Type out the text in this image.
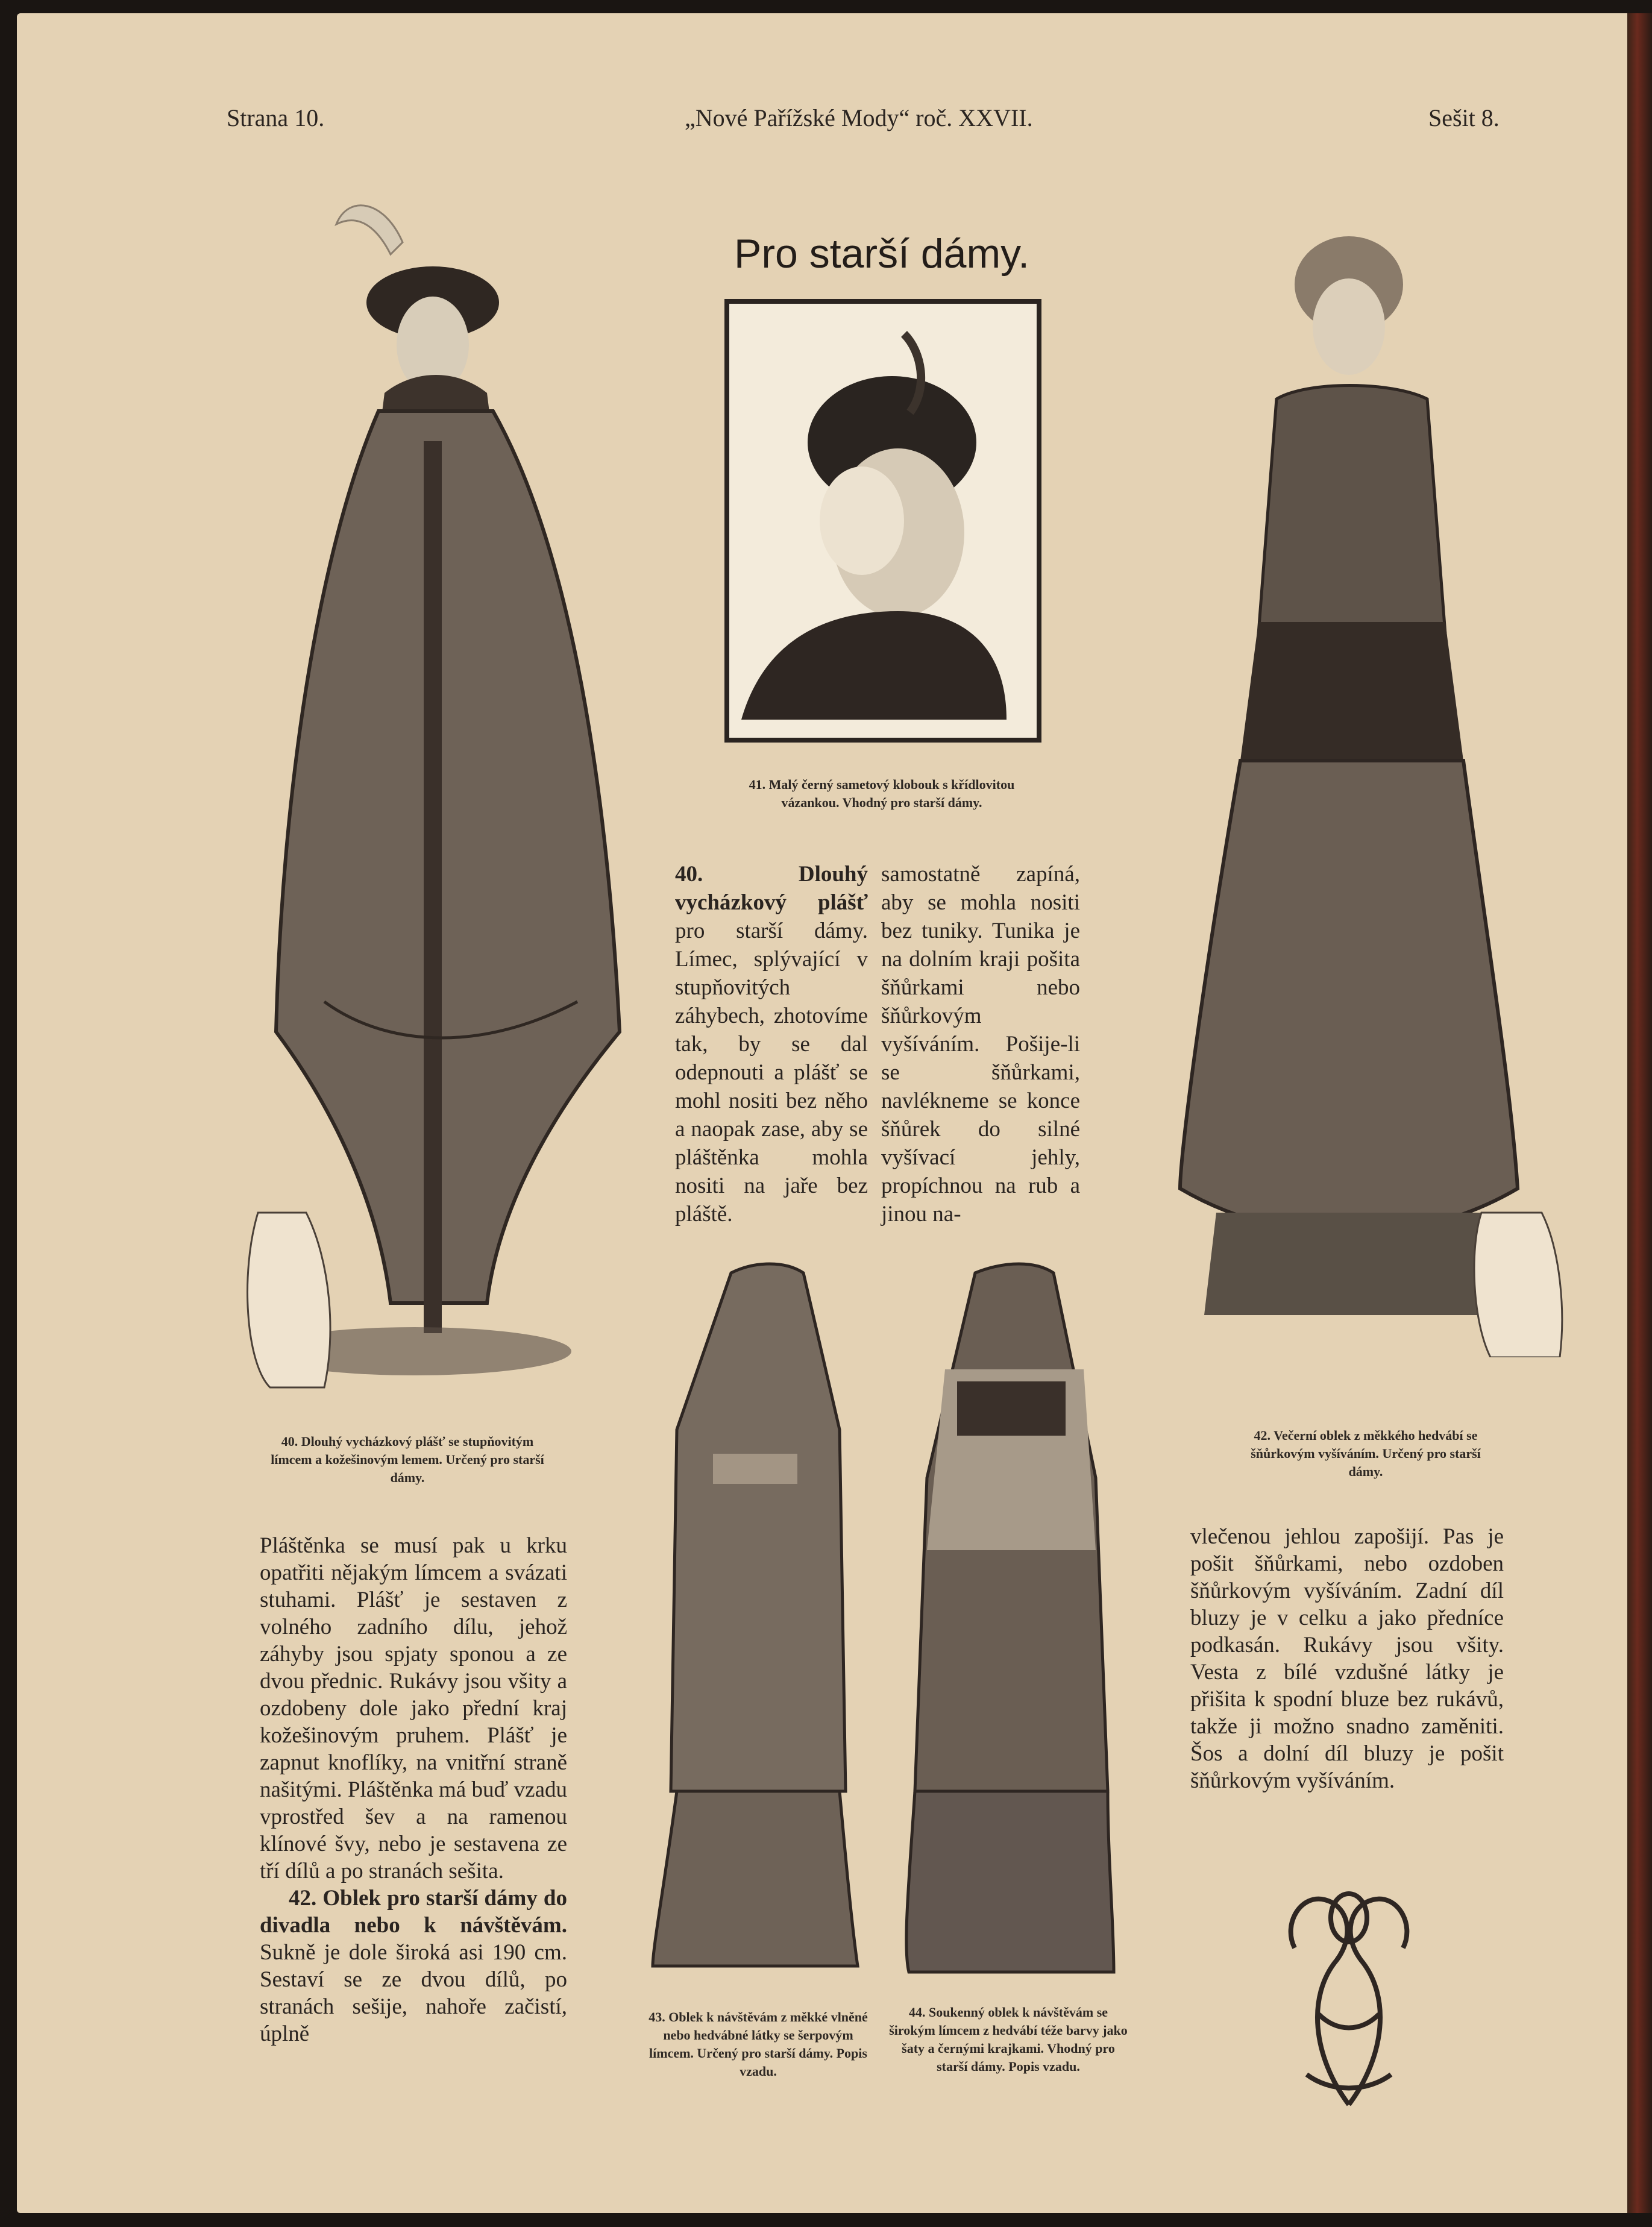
Strana 10.	„Nové Pařížské Mody“ roč. XXVII.	Sešit 8.
Pro starší dámy.
41. Malý černý sametový klobouk s křídlovitou vázankou. Vhodný pro starší dámy.
40. Dlouhý vycházkový plášť se stupňovitým límcem a kožešinovým lemem. Určený pro starší dámy.
42. Večerní oblek z měkkého hedvábí se šňůrkovým vyšíváním. Určený pro starší dámy.

40. Dlouhý vycházkový plášť pro starší dámy. Límec, splývající v stupňovitých záhybech, zhotovíme tak, by se dal odepnouti a plášť se mohl nositi bez něho a naopak zase, aby se pláštěnka mohla nositi na jaře bez pláště.

samostatně zapíná, aby se mohla nositi bez tuniky. Tunika je na dolním kraji pošita šňůrkami nebo šňůrkovým vyšíváním. Pošije-li se šňůrkami, navlékneme se konce šňůrek do silné vyšívací jehly, propíchnou na rub a jinou na-

43. Oblek k návštěvám z měkké vlněné nebo hedvábné látky se šerpovým límcem. Určený pro starší dámy. Popis vzadu.
44. Soukenný oblek k návštěvám se širokým límcem z hedvábí téže barvy jako šaty a černými krajkami. Vhodný pro starší dámy. Popis vzadu.

Pláštěnka se musí pak u krku opatřiti nějakým límcem a svázati stuhami. Plášť je sestaven z volného zadního dílu, jehož záhyby jsou spjaty sponou a ze dvou přednic. Rukávy jsou všity a ozdobeny dole jako přední kraj kožešinovým pruhem. Plášť je zapnut knoflíky, na vnitřní straně našitými. Pláštěnka má buď vzadu vprostřed šev a na ramenou klínové švy, nebo je sestavena ze tří dílů a po stranách sešita.

42. Oblek pro starší dámy do divadla nebo k návštěvám. Sukně je dole široká asi 190 cm. Sestaví se ze dvou dílů, po stranách sešije, nahoře začistí, úplně

vlečenou jehlou zapošijí. Pas je pošit šňůrkami, nebo ozdoben šňůrkovým vyšíváním. Zadní díl bluzy je v celku a jako předníce podkasán. Rukávy jsou všity. Vesta z bílé vzdušné látky je přišita k spodní bluze bez rukávů, takže ji možno snadno zaměniti. Šos a dolní díl bluzy je pošit šňůrkovým vyšíváním.
